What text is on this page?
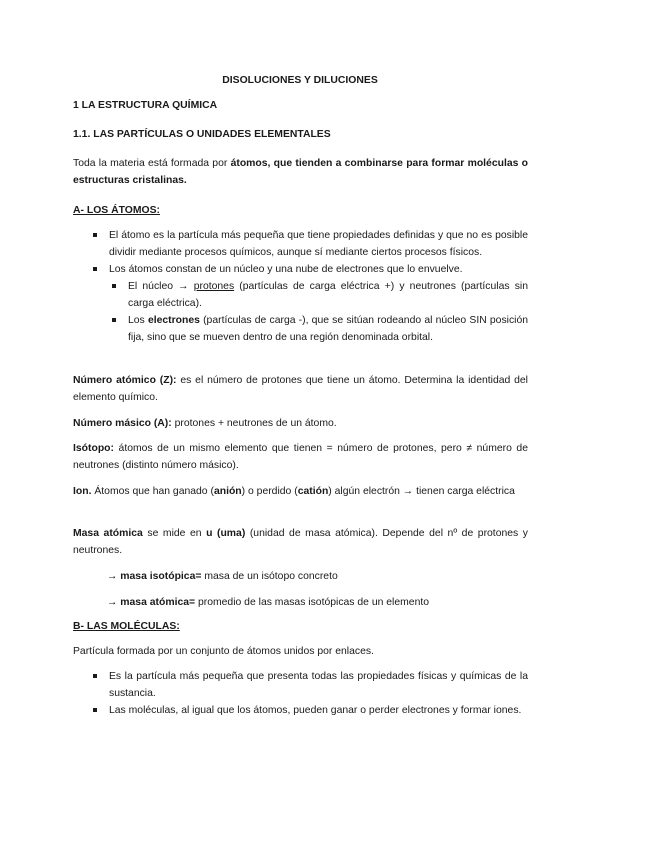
DISOLUCIONES Y DILUCIONES

1 LA ESTRUCTURA QUÍMICA

1.1. LAS PARTÍCULAS O UNIDADES ELEMENTALES

Toda la materia está formada por átomos, que tienden a combinarse para formar moléculas o estructuras cristalinas.

A- LOS ÁTOMOS:

El átomo es la partícula más pequeña que tiene propiedades definidas y que no es posible dividir mediante procesos químicos, aunque sí mediante ciertos procesos físicos.
Los átomos constan de un núcleo y una nube de electrones que lo envuelve.
El núcleo → protones (partículas de carga eléctrica +) y neutrones (partículas sin carga eléctrica).
Los electrones (partículas de carga -), que se sitúan rodeando al núcleo SIN posición fija, sino que se mueven dentro de una región denominada orbital.

Número atómico (Z): es el número de protones que tiene un átomo. Determina la identidad del elemento químico.

Número másico (A): protones + neutrones de un átomo.

Isótopo: átomos de un mismo elemento que tienen = número de protones, pero ≠ número de neutrones (distinto número másico).

Ion. Átomos que han ganado (anión) o perdido (catión) algún electrón → tienen carga eléctrica

Masa atómica se mide en u (uma) (unidad de masa atómica). Depende del nº de protones y neutrones.

→ masa isotópica= masa de un isótopo concreto

→ masa atómica= promedio de las masas isotópicas de un elemento

B- LAS MOLÉCULAS:

Partícula formada por un conjunto de átomos unidos por enlaces.

Es la partícula más pequeña que presenta todas las propiedades físicas y químicas de la sustancia.
Las moléculas, al igual que los átomos, pueden ganar o perder electrones y formar iones.
